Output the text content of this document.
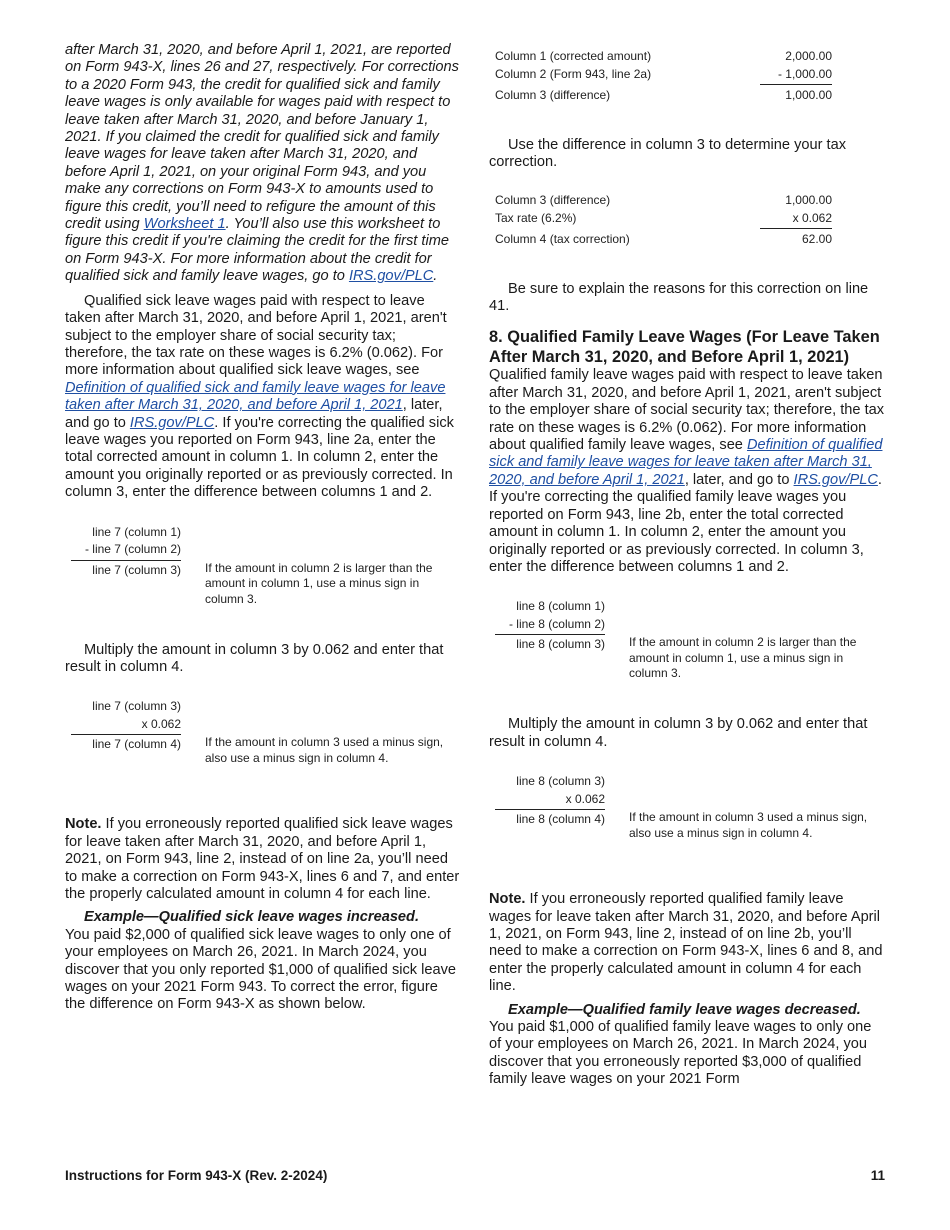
after March 31, 2020, and before April 1, 2021, are reported on Form 943-X, lines 26 and 27, respectively. For corrections to a 2020 Form 943, the credit for qualified sick and family leave wages is only available for wages paid with respect to leave taken after March 31, 2020, and before January 1, 2021. If you claimed the credit for qualified sick and family leave wages for leave taken after March 31, 2020, and before April 1, 2021, on your original Form 943, and you make any corrections on Form 943-X to amounts used to figure this credit, you’ll need to refigure the amount of this credit using Worksheet 1. You’ll also use this worksheet to figure this credit if you're claiming the credit for the first time on Form 943-X. For more information about the credit for qualified sick and family leave wages, go to IRS.gov/PLC.

Qualified sick leave wages paid with respect to leave taken after March 31, 2020, and before April 1, 2021, aren't subject to the employer share of social security tax; therefore, the tax rate on these wages is 6.2% (0.062). For more information about qualified sick leave wages, see Definition of qualified sick and family leave wages for leave taken after March 31, 2020, and before April 1, 2021, later, and go to IRS.gov/PLC. If you're correcting the qualified sick leave wages you reported on Form 943, line 2a, enter the total corrected amount in column 1. In column 2, enter the amount you originally reported or as previously corrected. In column 3, enter the difference between columns 1 and 2.

line 7 (column 1)
- line 7 (column 2)
line 7 (column 3) If the amount in column 2 is larger than the amount in column 1, use a minus sign in column 3.

Multiply the amount in column 3 by 0.062 and enter that result in column 4.

line 7 (column 3)
x 0.062
line 7 (column 4) If the amount in column 3 used a minus sign, also use a minus sign in column 4.

Note. If you erroneously reported qualified sick leave wages for leave taken after March 31, 2020, and before April 1, 2021, on Form 943, line 2, instead of on line 2a, you’ll need to make a correction on Form 943-X, lines 6 and 7, and enter the properly calculated amount in column 4 for each line.

Example—Qualified sick leave wages increased.
You paid $2,000 of qualified sick leave wages to only one of your employees on March 26, 2021. In March 2024, you discover that you only reported $1,000 of qualified sick leave wages on your 2021 Form 943. To correct the error, figure the difference on Form 943-X as shown below.

Column 1 (corrected amount)	2,000.00
Column 2 (Form 943, line 2a)	- 1,000.00
Column 3 (difference)	1,000.00

Use the difference in column 3 to determine your tax correction.

Column 3 (difference)	1,000.00
Tax rate (6.2%)	x 0.062
Column 4 (tax correction)	62.00

Be sure to explain the reasons for this correction on line 41.

8. Qualified Family Leave Wages (For Leave Taken After March 31, 2020, and Before April 1, 2021)

Qualified family leave wages paid with respect to leave taken after March 31, 2020, and before April 1, 2021, aren't subject to the employer share of social security tax; therefore, the tax rate on these wages is 6.2% (0.062). For more information about qualified family leave wages, see Definition of qualified sick and family leave wages for leave taken after March 31, 2020, and before April 1, 2021, later, and go to IRS.gov/PLC. If you're correcting the qualified family leave wages you reported on Form 943, line 2b, enter the total corrected amount in column 1. In column 2, enter the amount you originally reported or as previously corrected. In column 3, enter the difference between columns 1 and 2.

line 8 (column 1)
- line 8 (column 2)
line 8 (column 3) If the amount in column 2 is larger than the amount in column 1, use a minus sign in column 3.

Multiply the amount in column 3 by 0.062 and enter that result in column 4.

line 8 (column 3)
x 0.062
line 8 (column 4) If the amount in column 3 used a minus sign, also use a minus sign in column 4.

Note. If you erroneously reported qualified family leave wages for leave taken after March 31, 2020, and before April 1, 2021, on Form 943, line 2, instead of on line 2b, you’ll need to make a correction on Form 943-X, lines 6 and 8, and enter the properly calculated amount in column 4 for each line.

Example—Qualified family leave wages decreased. You paid $1,000 of qualified family leave wages to only one of your employees on March 26, 2021. In March 2024, you discover that you erroneously reported $3,000 of qualified family leave wages on your 2021 Form

Instructions for Form 943-X (Rev. 2-2024)	11
